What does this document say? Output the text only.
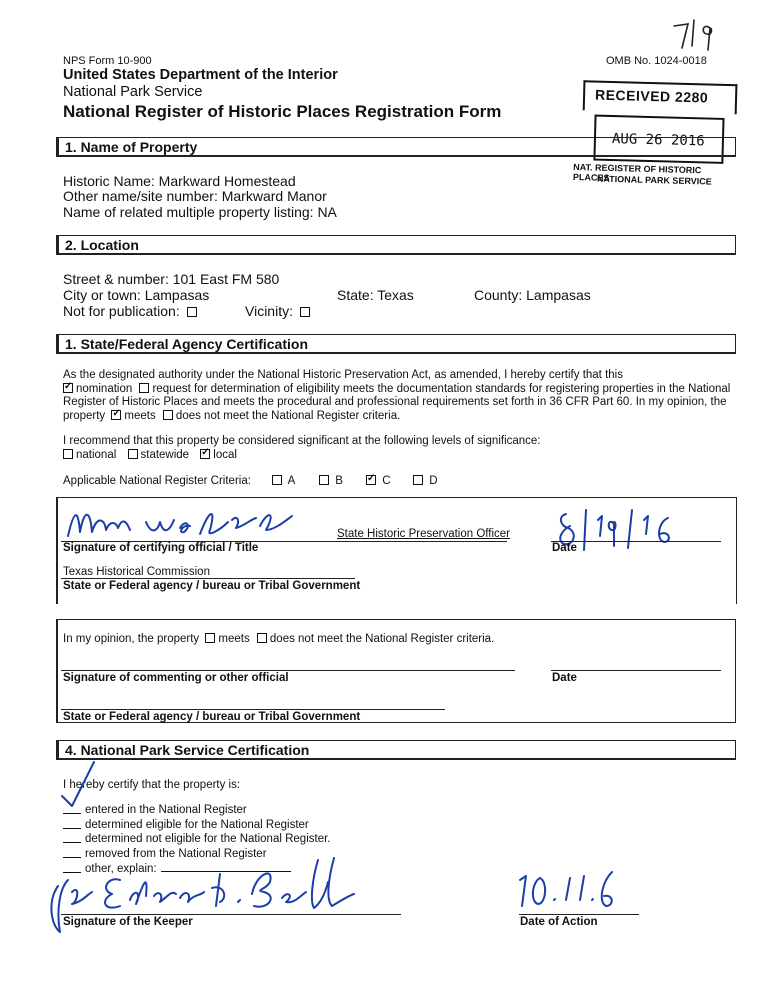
NPS Form 10-900	OMB No. 1024-0018
United States Department of the Interior
National Park Service
National Register of Historic Places Registration Form
RECEIVED 2280
AUG 26 2016
NAT. REGISTER OF HISTORIC PLACES
NATIONAL PARK SERVICE
1. Name of Property
Historic Name: Markward Homestead
Other name/site number: Markward Manor
Name of related multiple property listing: NA
2. Location
Street & number: 101 East FM 580
City or town: Lampasas	State: Texas	County: Lampasas
Not for publication:	Vicinity:
1. State/Federal Agency Certification
As the designated authority under the National Historic Preservation Act, as amended, I hereby certify that this
✓nomination request for determination of eligibility meets the documentation standards for registering properties in the National
Register of Historic Places and meets the procedural and professional requirements set forth in 36 CFR Part 60. In my opinion, the
property ✓ meets does not meet the National Register criteria.
I recommend that this property be considered significant at the following levels of significance:
national statewide ✓ local
Applicable National Register Criteria:	A	B ✓	C	D
State Historic Preservation Officer
Signature of certifying official / Title	Date
Texas Historical Commission
State or Federal agency / bureau or Tribal Government
In my opinion, the property meets does not meet the National Register criteria.
Signature of commenting or other official	Date
State or Federal agency / bureau or Tribal Government
4. National Park Service Certification
I hereby certify that the property is:
entered in the National Register
determined eligible for the National Register
determined not eligible for the National Register.
removed from the National Register
other, explain:
Signature of the Keeper	Date of Action
